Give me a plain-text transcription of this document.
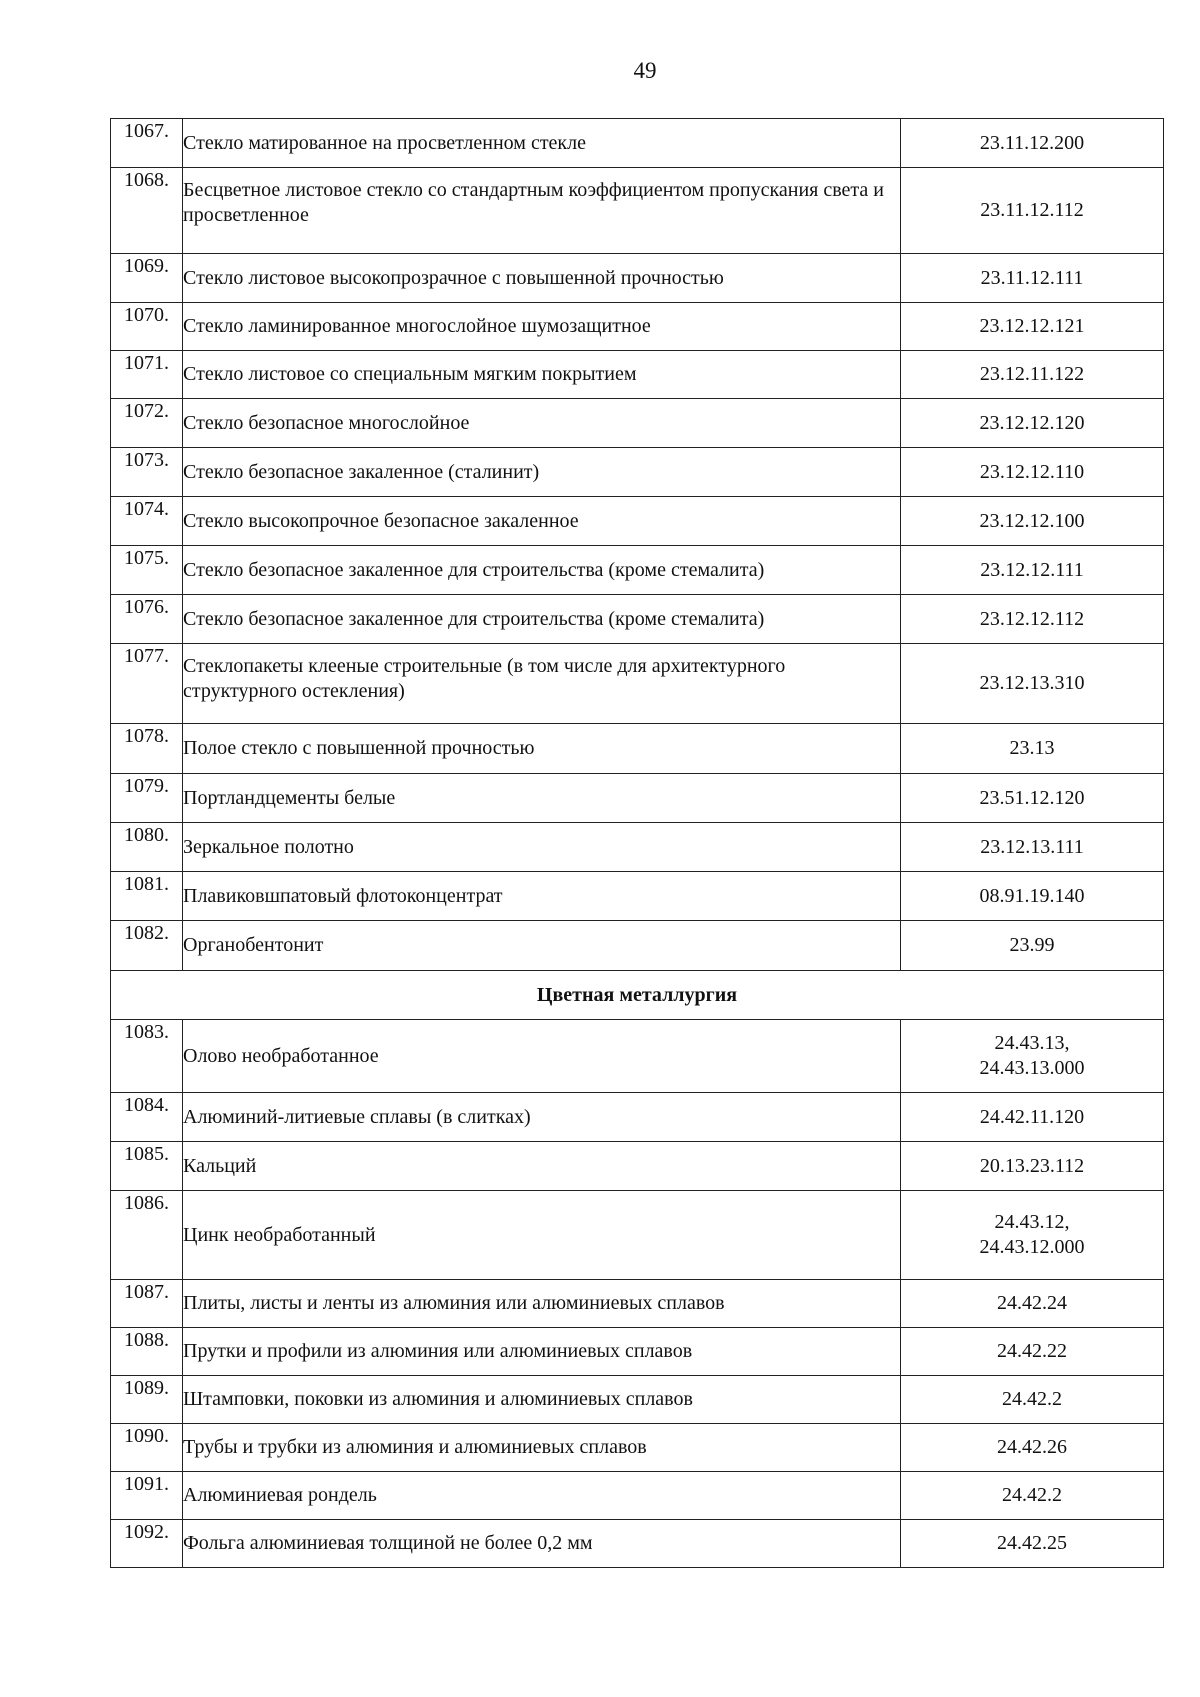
49
1067.	Стекло матированное на просветленном стекле	23.11.12.200
1068.	Бесцветное листовое стекло со стандартным коэффициентом пропускания света и просветленное	23.11.12.112
1069.	Стекло листовое высокопрозрачное с повышенной прочностью	23.11.12.111
1070.	Стекло ламинированное многослойное шумозащитное	23.12.12.121
1071.	Стекло листовое со специальным мягким покрытием	23.12.11.122
1072.	Стекло безопасное многослойное	23.12.12.120
1073.	Стекло безопасное закаленное (сталинит)	23.12.12.110
1074.	Стекло высокопрочное безопасное закаленное	23.12.12.100
1075.	Стекло безопасное закаленное для строительства (кроме стемалита)	23.12.12.111
1076.	Стекло безопасное закаленное для строительства (кроме стемалита)	23.12.12.112
1077.	Стеклопакеты клееные строительные (в том числе для архитектурного структурного остекления)	23.12.13.310
1078.	Полое стекло с повышенной прочностью	23.13
1079.	Портландцементы белые	23.51.12.120
1080.	Зеркальное полотно	23.12.13.111
1081.	Плавиковшпатовый флотоконцентрат	08.91.19.140
1082.	Органобентонит	23.99
Цветная металлургия		
1083.	Олово необработанное	24.43.13,
24.43.13.000

1084.	Алюминий-литиевые сплавы (в слитках)	24.42.11.120
1085.	Кальций	20.13.23.112
1086.	Цинк необработанный	24.43.12,
24.43.12.000

1087.	Плиты, листы и ленты из алюминия или алюминиевых сплавов	24.42.24
1088.	Прутки и профили из алюминия или алюминиевых сплавов	24.42.22
1089.	Штамповки, поковки из алюминия и алюминиевых сплавов	24.42.2
1090.	Трубы и трубки из алюминия и алюминиевых сплавов	24.42.26
1091.	Алюминиевая рондель	24.42.2
1092.	Фольга алюминиевая толщиной не более 0,2 мм	24.42.25
